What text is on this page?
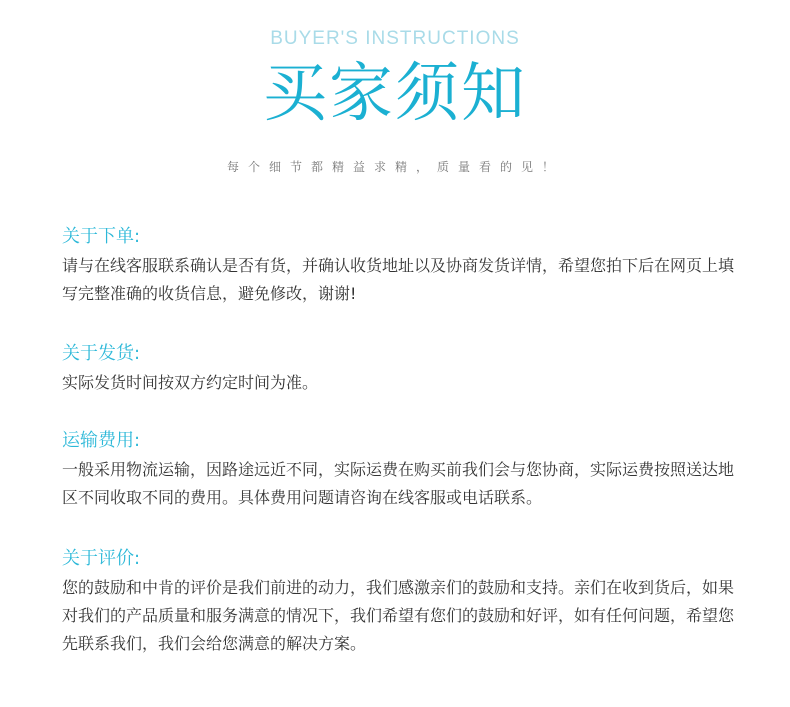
BUYER'S INSTRUCTIONS
买家须知
每个细节都精益求精，质量看的见！
关于下单:
请与在线客服联系确认是否有货，并确认收货地址以及协商发货详情，希望您拍下后在网页上填写完整准确的收货信息，避免修改，谢谢!
关于发货:
实际发货时间按双方约定时间为准。
运输费用:
一般采用物流运输，因路途远近不同，实际运费在购买前我们会与您协商，实际运费按照送达地区不同收取不同的费用。具体费用问题请咨询在线客服或电话联系。
关于评价:
您的鼓励和中肯的评价是我们前进的动力，我们感激亲们的鼓励和支持。亲们在收到货后，如果对我们的产品质量和服务满意的情况下，我们希望有您们的鼓励和好评，如有任何问题，希望您先联系我们，我们会给您满意的解决方案。
